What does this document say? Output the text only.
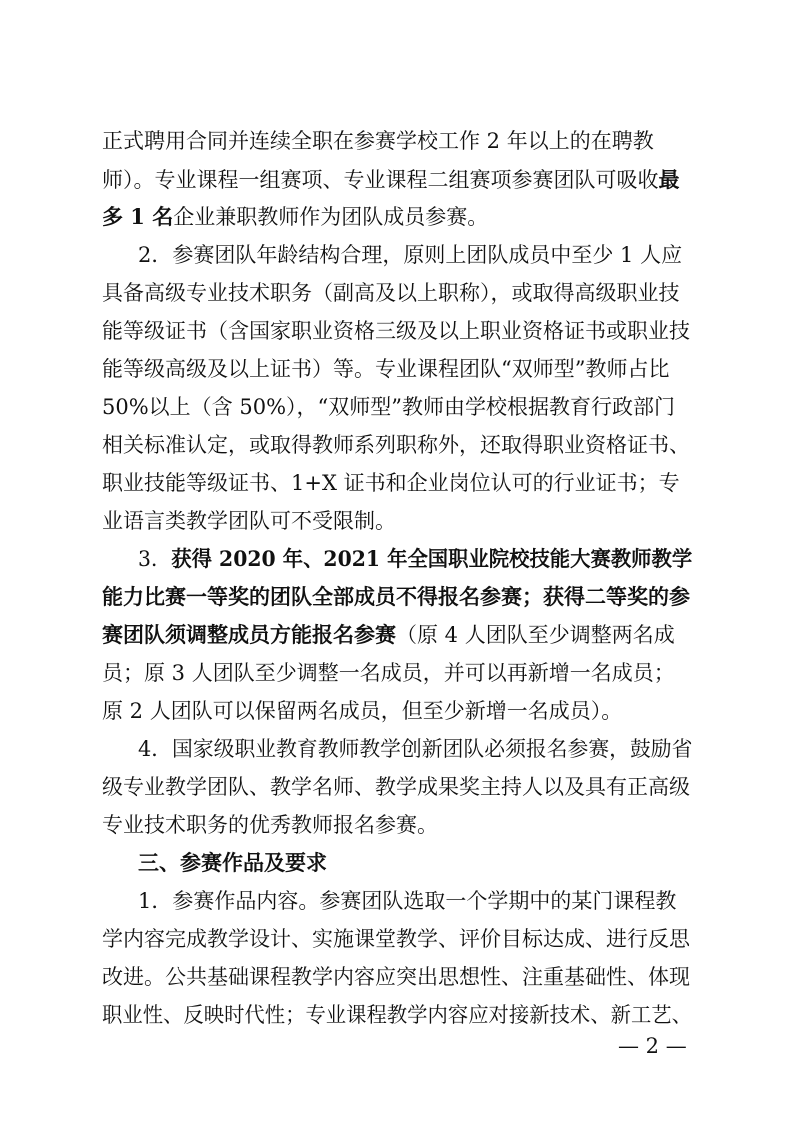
正式聘用合同并连续全职在参赛学校工作 2 年以上的在聘教
师）。专业课程一组赛项、专业课程二组赛项参赛团队可吸收最
多 1 名企业兼职教师作为团队成员参赛。
2．参赛团队年龄结构合理，原则上团队成员中至少 1 人应
具备高级专业技术职务（副高及以上职称），或取得高级职业技
能等级证书（含国家职业资格三级及以上职业资格证书或职业技
能等级高级及以上证书）等。专业课程团队“双师型”教师占比
50%以上（含 50%），“双师型”教师由学校根据教育行政部门
相关标准认定，或取得教师系列职称外，还取得职业资格证书、
职业技能等级证书、1+X 证书和企业岗位认可的行业证书；专
业语言类教学团队可不受限制。
3．获得 2020 年、2021 年全国职业院校技能大赛教师教学
能力比赛一等奖的团队全部成员不得报名参赛；获得二等奖的参
赛团队须调整成员方能报名参赛（原 4 人团队至少调整两名成
员；原 3 人团队至少调整一名成员，并可以再新增一名成员；
原 2 人团队可以保留两名成员，但至少新增一名成员）。
4．国家级职业教育教师教学创新团队必须报名参赛，鼓励省
级专业教学团队、教学名师、教学成果奖主持人以及具有正高级
专业技术职务的优秀教师报名参赛。
三、参赛作品及要求
1．参赛作品内容。参赛团队选取一个学期中的某门课程教
学内容完成教学设计、实施课堂教学、评价目标达成、进行反思
改进。公共基础课程教学内容应突出思想性、注重基础性、体现
职业性、反映时代性；专业课程教学内容应对接新技术、新工艺、
— 2 —
